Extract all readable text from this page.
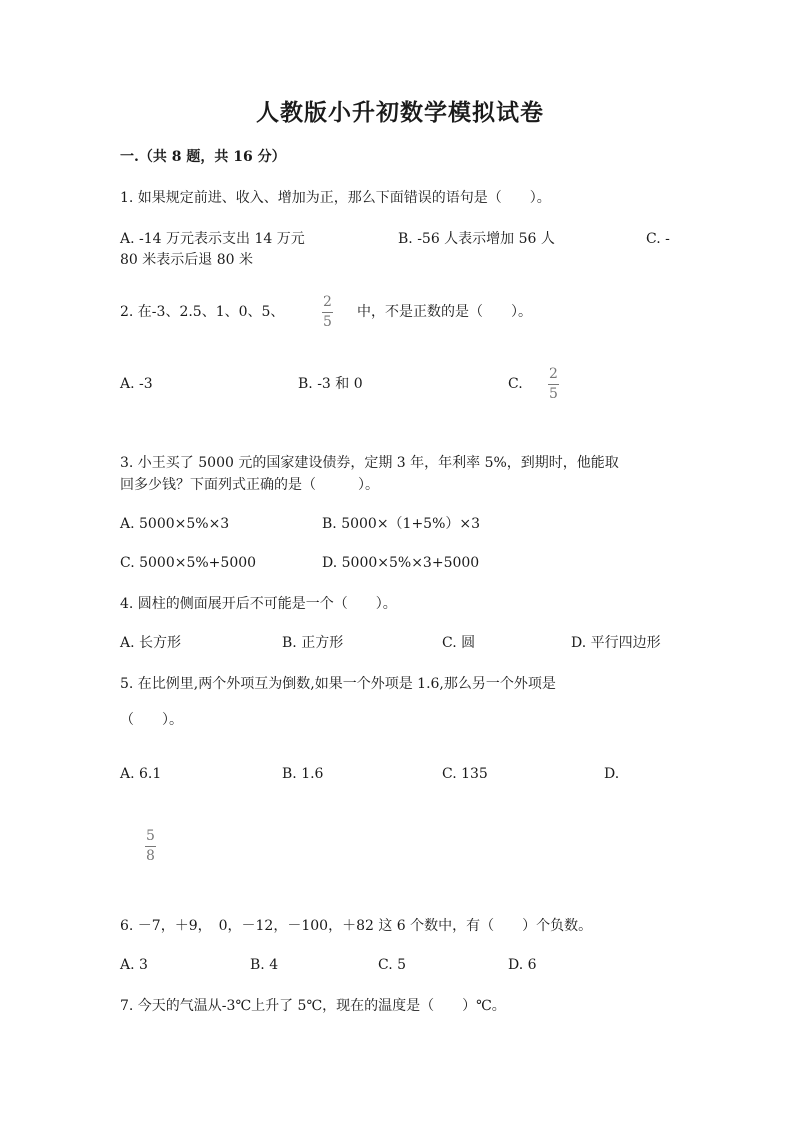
人教版小升初数学模拟试卷
一.（共 8 题，共 16 分）
1. 如果规定前进、收入、增加为正，那么下面错误的语句是（　　）。
A. -14 万元表示支出 14 万元	B. -56 人表示增加 56 人	C. -
80 米表示后退 80 米
2. 在-3、2.5、1、0、5、
2
5
中，不是正数的是（　　）。
A. -3	B. -3 和 0	C.
2
5
3. 小王买了 5000 元的国家建设债券，定期 3 年，年利率 5%，到期时，他能取
回多少钱？下面列式正确的是（　　　）。
A. 5000×5%×3	B. 5000×（1+5%）×3
C. 5000×5%+5000	D. 5000×5%×3+5000
4. 圆柱的侧面展开后不可能是一个（　　）。
A. 长方形	B. 正方形	C. 圆	D. 平行四边形
5. 在比例里,两个外项互为倒数,如果一个外项是 1.6,那么另一个外项是
（　　）。
A. 6.1	B. 1.6	C. 135	D.
5
8
6. －7，＋9，　0，－12，－100，＋82 这 6 个数中，有（　　）个负数。
A. 3	B. 4	C. 5	D. 6
7. 今天的气温从-3℃上升了 5℃，现在的温度是（　　）℃。
